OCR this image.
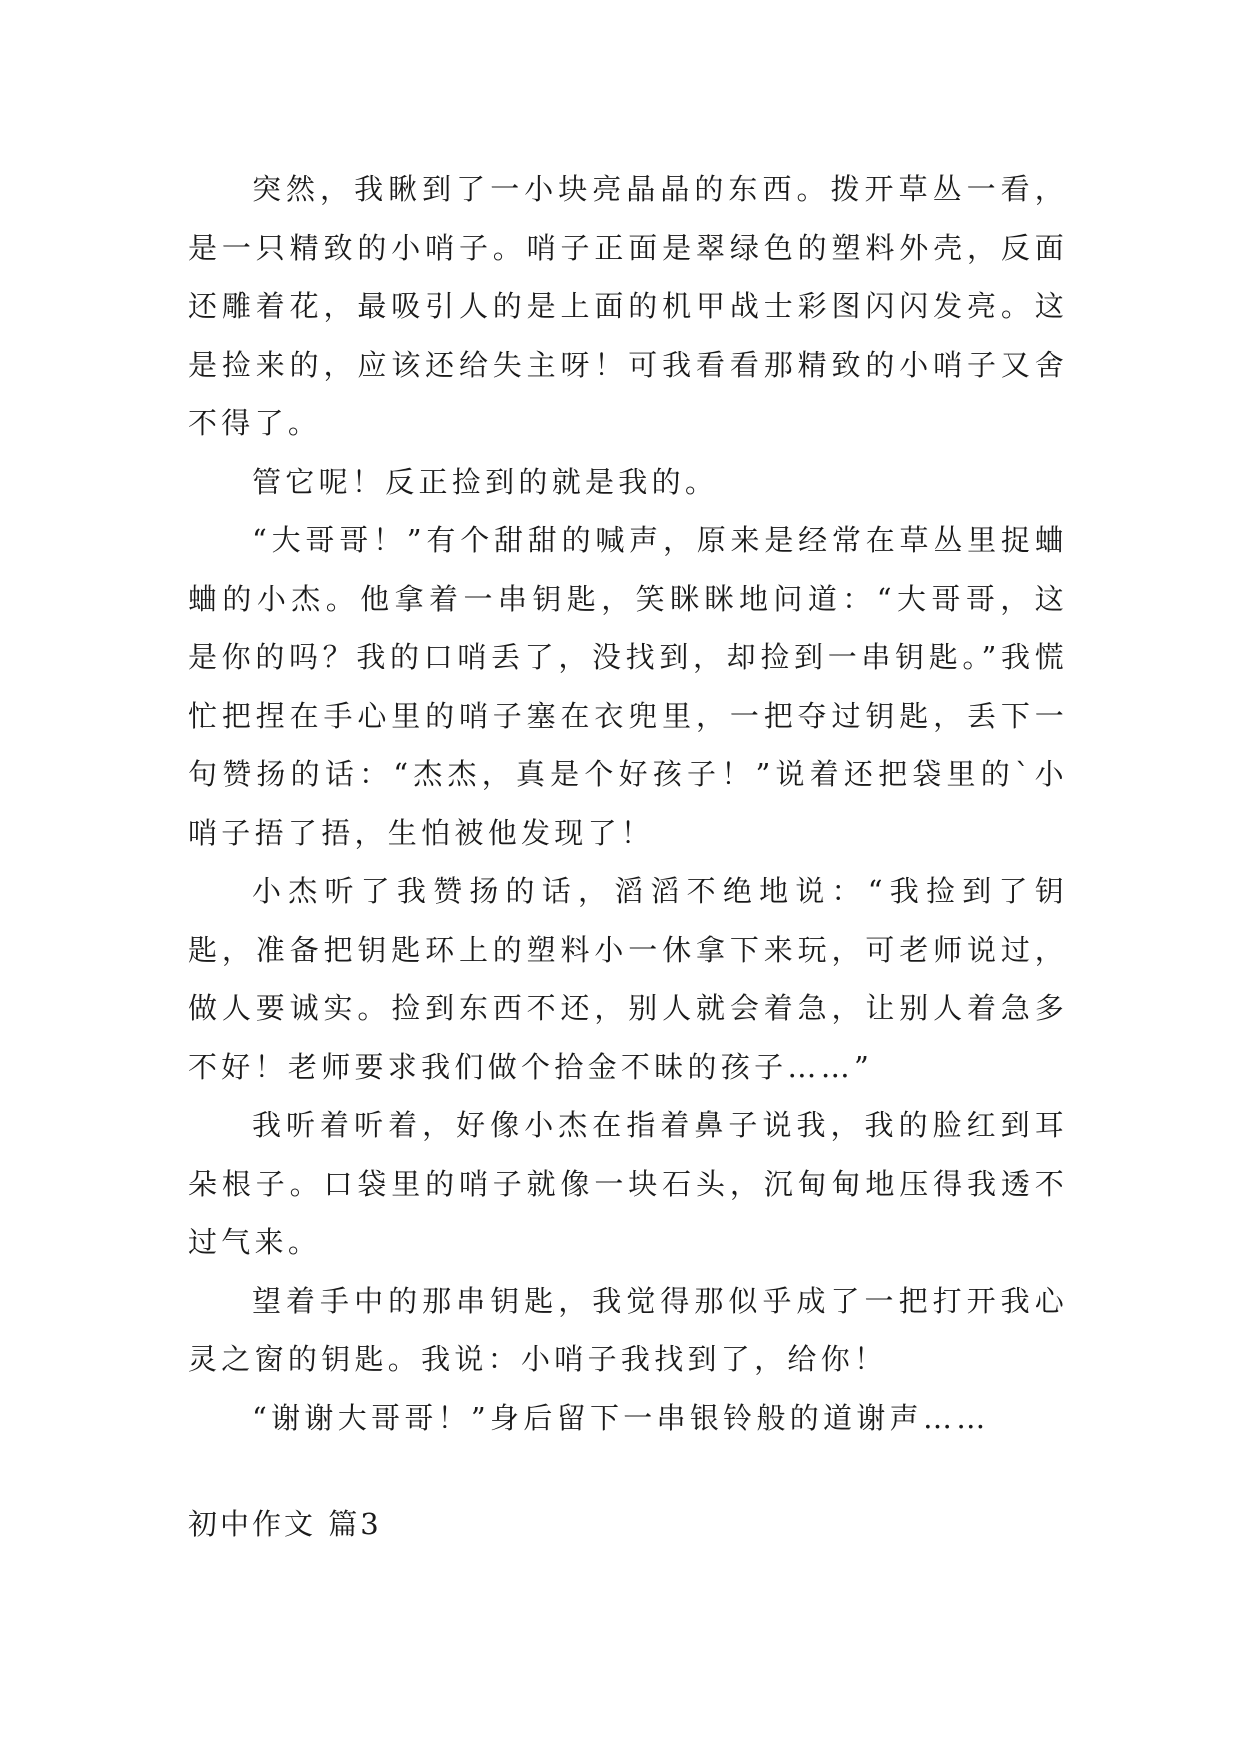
突然，我瞅到了一小块亮晶晶的东西。拨开草丛一看，是一只精致的小哨子。哨子正面是翠绿色的塑料外壳，反面还雕着花，最吸引人的是上面的机甲战士彩图闪闪发亮。这是捡来的，应该还给失主呀！可我看看那精致的小哨子又舍不得了。

管它呢！反正捡到的就是我的。

“大哥哥！”有个甜甜的喊声，原来是经常在草丛里捉蛐蛐的小杰。他拿着一串钥匙，笑眯眯地问道：“大哥哥，这是你的吗？我的口哨丢了，没找到，却捡到一串钥匙。”我慌忙把捏在手心里的哨子塞在衣兜里，一把夺过钥匙，丢下一句赞扬的话：“杰杰，真是个好孩子！”说着还把袋里的`小哨子捂了捂，生怕被他发现了！

小杰听了我赞扬的话，滔滔不绝地说：“我捡到了钥匙，准备把钥匙环上的塑料小一休拿下来玩，可老师说过，做人要诚实。捡到东西不还，别人就会着急，让别人着急多不好！老师要求我们做个拾金不昧的孩子……”

我听着听着，好像小杰在指着鼻子说我，我的脸红到耳朵根子。口袋里的哨子就像一块石头，沉甸甸地压得我透不过气来。

望着手中的那串钥匙，我觉得那似乎成了一把打开我心灵之窗的钥匙。我说：小哨子我找到了，给你！

“谢谢大哥哥！”身后留下一串银铃般的道谢声……

初中作文 篇3
